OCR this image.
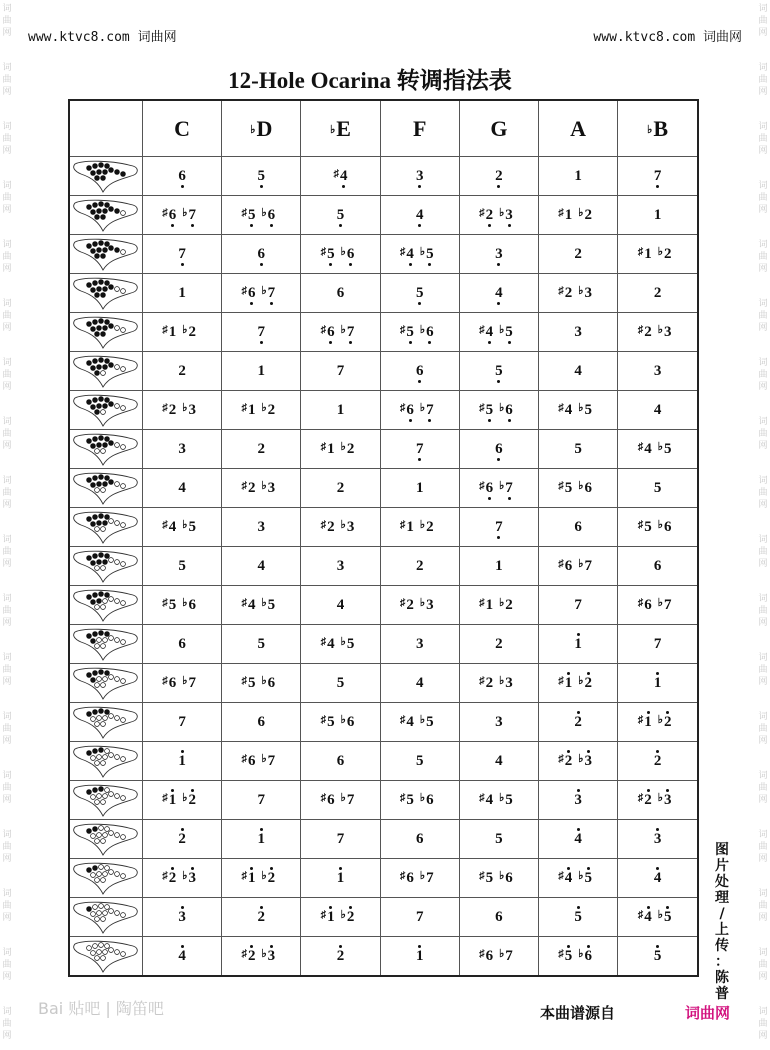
词
曲
网
词
曲
网
词
曲
网
词
曲
网
词
曲
网
词
曲
网
词
曲
网
词
曲
网
词
曲
网
词
曲
网
词
曲
网
词
曲
网
词
曲
网
词
曲
网
词
曲
网
词
曲
网
词
曲
网
词
曲
网
词
曲
网
词
曲
网
词
曲
网
词
曲
网
词
曲
网
词
曲
网
词
曲
网
词
曲
网
词
曲
网
词
曲
网
词
曲
网
词
曲
网
词
曲
网
词
曲
网
词
曲
网
词
曲
网
词
曲
网
词
曲
网
www.ktvc8.com 词曲网	www.ktvc8.com 词曲网
12-Hole Ocarina 转调指法表
	C	♭D	♭E	F	G	A	♭B

	6	5	♯4	3	2	1	7

	♯6 ♭7	♯5 ♭6	5	4	♯2 ♭3	♯1 ♭2	1

	7	6	♯5 ♭6	♯4 ♭5	3	2	♯1 ♭2

	1	♯6 ♭7	6	5	4	♯2 ♭3	2

	♯1 ♭2	7	♯6 ♭7	♯5 ♭6	♯4 ♭5	3	♯2 ♭3

	2	1	7	6	5	4	3

	♯2 ♭3	♯1 ♭2	1	♯6 ♭7	♯5 ♭6	♯4 ♭5	4

	3	2	♯1 ♭2	7	6	5	♯4 ♭5

	4	♯2 ♭3	2	1	♯6 ♭7	♯5 ♭6	5

	♯4 ♭5	3	♯2 ♭3	♯1 ♭2	7	6	♯5 ♭6

	5	4	3	2	1	♯6 ♭7	6

	♯5 ♭6	♯4 ♭5	4	♯2 ♭3	♯1 ♭2	7	♯6 ♭7

	6	5	♯4 ♭5	3	2	1	7

	♯6 ♭7	♯5 ♭6	5	4	♯2 ♭3	♯1 ♭2	1

	7	6	♯5 ♭6	♯4 ♭5	3	2	♯1 ♭2

	1	♯6 ♭7	6	5	4	♯2 ♭3	2

	♯1 ♭2	7	♯6 ♭7	♯5 ♭6	♯4 ♭5	3	♯2 ♭3

	2	1	7	6	5	4	3

	♯2 ♭3	♯1 ♭2	1	♯6 ♭7	♯5 ♭6	♯4 ♭5	4

	3	2	♯1 ♭2	7	6	5	♯4 ♭5

	4	♯2 ♭3	2	1	♯6 ♭7	♯5 ♭6	5
图
片
处
理
/
上
传
：
陈
普
Bai 贴吧 | 陶笛吧	本曲谱源自	词曲网
